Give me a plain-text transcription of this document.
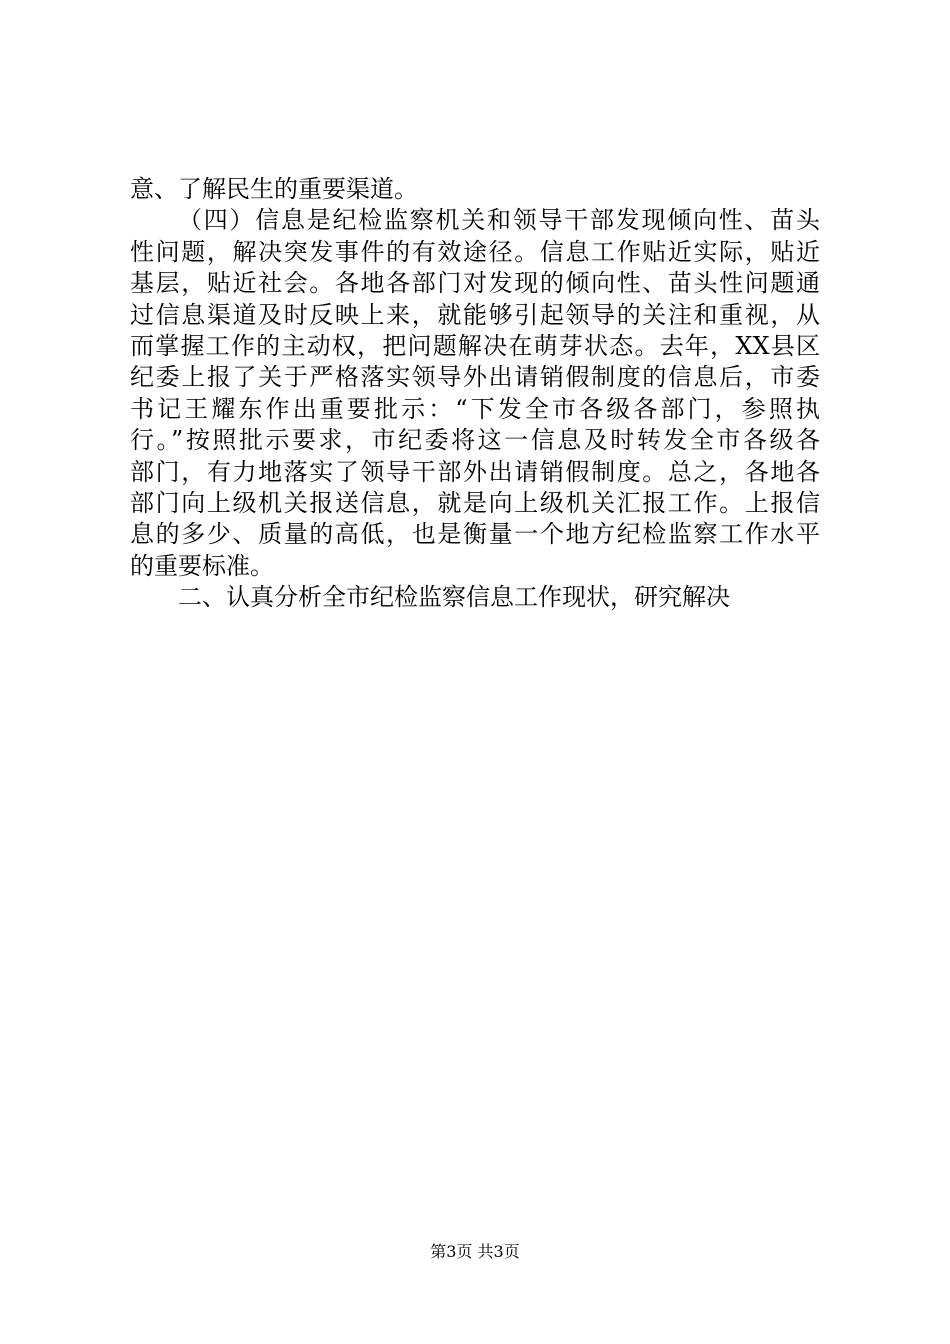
意、了解民生的重要渠道。
（四）信息是纪检监察机关和领导干部发现倾向性、苗头
性问题，解决突发事件的有效途径。信息工作贴近实际，贴近
基层，贴近社会。各地各部门对发现的倾向性、苗头性问题通
过信息渠道及时反映上来，就能够引起领导的关注和重视，从
而掌握工作的主动权，把问题解决在萌芽状态。去年，XX县区
纪委上报了关于严格落实领导外出请销假制度的信息后，市委
书记王耀东作出重要批示：“下发全市各级各部门，参照执
行。”按照批示要求，市纪委将这一信息及时转发全市各级各
部门，有力地落实了领导干部外出请销假制度。总之，各地各
部门向上级机关报送信息，就是向上级机关汇报工作。上报信
息的多少、质量的高低，也是衡量一个地方纪检监察工作水平
的重要标准。
二、认真分析全市纪检监察信息工作现状，研究解决
第3页 共3页
